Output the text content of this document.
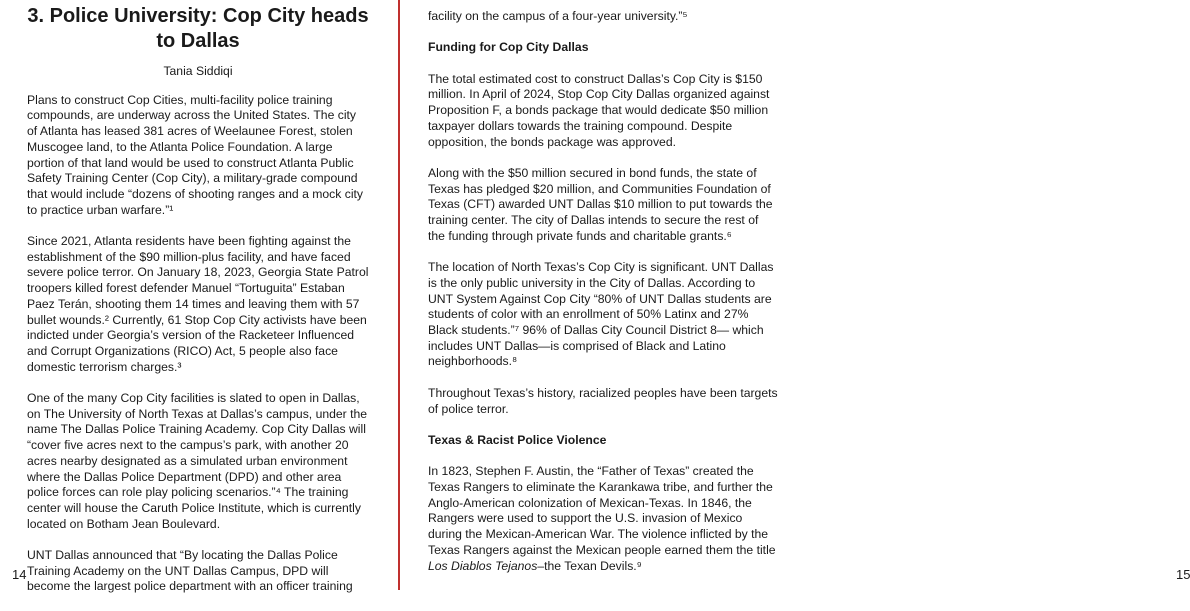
3. Police University: Cop City heads to Dallas
Tania Siddiqi

Plans to construct Cop Cities, multi-facility police training compounds, are underway across the United States. The city of Atlanta has leased 381 acres of Weelaunee Forest, stolen Muscogee land, to the Atlanta Police Foundation. A large portion of that land would be used to construct Atlanta Public Safety Training Center (Cop City), a military-grade compound that would include “dozens of shooting ranges and a mock city to practice urban warfare.”¹

Since 2021, Atlanta residents have been fighting against the establishment of the $90 million-plus facility, and have faced severe police terror. On January 18, 2023, Georgia State Patrol troopers killed forest defender Manuel “Tortuguita” Estaban Paez Terán, shooting them 14 times and leaving them with 57 bullet wounds.² Currently, 61 Stop Cop City activists have been indicted under Georgia’s version of the Racketeer Influenced and Corrupt Organizations (RICO) Act, 5 people also face domestic terrorism charges.³

One of the many Cop City facilities is slated to open in Dallas, on The University of North Texas at Dallas’s campus, under the name The Dallas Police Training Academy. Cop City Dallas will “cover five acres next to the campus’s park, with another 20 acres nearby designated as a simulated urban environment where the Dallas Police Department (DPD) and other area police forces can role play policing scenarios.”⁴ The training center will house the Caruth Police Institute, which is currently located on Botham Jean Boulevard.

UNT Dallas announced that “By locating the Dallas Police Training Academy on the UNT Dallas Campus, DPD will become the largest police department with an officer training

14

facility on the campus of a four-year university.”⁵

Funding for Cop City Dallas

The total estimated cost to construct Dallas’s Cop City is $150 million. In April of 2024, Stop Cop City Dallas organized against Proposition F, a bonds package that would dedicate $50 million taxpayer dollars towards the training compound. Despite opposition, the bonds package was approved.

Along with the $50 million secured in bond funds, the state of Texas has pledged $20 million, and Communities Foundation of Texas (CFT) awarded UNT Dallas $10 million to put towards the training center. The city of Dallas intends to secure the rest of the funding through private funds and charitable grants.⁶

The location of North Texas’s Cop City is significant. UNT Dallas is the only public university in the City of Dallas. According to UNT System Against Cop City “80% of UNT Dallas students are students of color with an enrollment of 50% Latinx and 27% Black students.”⁷ 96% of Dallas City Council District 8— which includes UNT Dallas—is comprised of Black and Latino neighborhoods.⁸

Throughout Texas’s history, racialized peoples have been targets of police terror.

Texas & Racist Police Violence

In 1823, Stephen F. Austin, the “Father of Texas” created the Texas Rangers to eliminate the Karankawa tribe, and further the Anglo-American colonization of Mexican-Texas. In 1846, the Rangers were used to support the U.S. invasion of Mexico during the Mexican-American War. The violence inflicted by the Texas Rangers against the Mexican people earned them the title Los Diablos Tejanos–the Texan Devils.⁹

15
